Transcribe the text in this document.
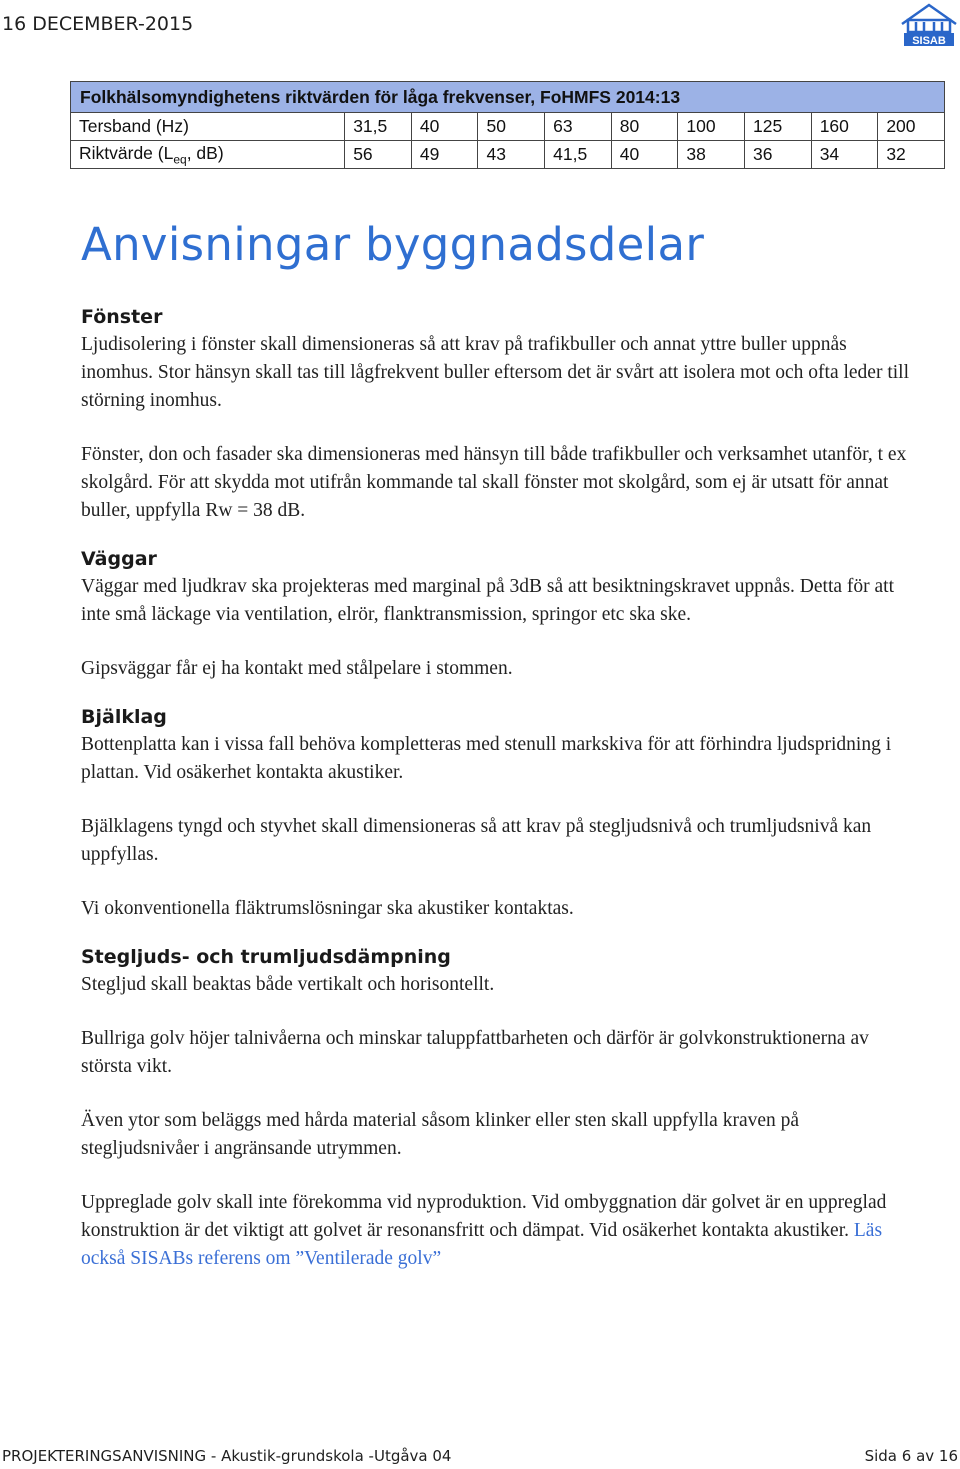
16 DECEMBER-2015
SISAB
Folkhälsomyndighetens riktvärden för låga frekvenser, FoHMFS 2014:13									
Tersband (Hz)	31,5	40	50	63	80	100	125	160	200
Riktvärde ($L_{eq}$, dB)	56	49	43	41,5	40	38	36	34	32
Anvisningar byggnadsdelar
Fönster

Ljudisolering i fönster skall dimensioneras så att krav på trafikbuller och annat yttre buller uppnås inomhus. Stor hänsyn skall tas till lågfrekvent buller eftersom det är svårt att isolera mot och ofta leder till störning inomhus.

Fönster, don och fasader ska dimensioneras med hänsyn till både trafikbuller och verksamhet utanför, t ex skolgård. För att skydda mot utifrån kommande tal skall fönster mot skolgård, som ej är utsatt för annat buller, uppfylla Rw = 38 dB.

Väggar

Väggar med ljudkrav ska projekteras med marginal på 3dB så att besiktningskravet uppnås. Detta för att inte små läckage via ventilation, elrör, flanktransmission, springor etc ska ske.

Gipsväggar får ej ha kontakt med stålpelare i stommen.

Bjälklag

Bottenplatta kan i vissa fall behöva kompletteras med stenull markskiva för att förhindra ljudspridning i plattan. Vid osäkerhet kontakta akustiker.

Bjälklagens tyngd och styvhet skall dimensioneras så att krav på stegljudsnivå och trumljudsnivå kan uppfyllas.

Vi okonventionella fläktrumslösningar ska akustiker kontaktas.

Stegljuds- och trumljudsdämpning

Stegljud skall beaktas både vertikalt och horisontellt.

Bullriga golv höjer talnivåerna och minskar taluppfattbarheten och därför är golvkonstruktionerna av största vikt.

Även ytor som beläggs med hårda material såsom klinker eller sten skall uppfylla kraven på stegljudsnivåer i angränsande utrymmen.

Uppreglade golv skall inte förekomma vid nyproduktion. Vid ombyggnation där golvet är en uppreglad konstruktion är det viktigt att golvet är resonansfritt och dämpat. Vid osäkerhet kontakta akustiker. Läs också SISABs referens om ”Ventilerade golv”

PROJEKTERINGSANVISNING - Akustik-grundskola -Utgåva 04	Sida 6 av 16
